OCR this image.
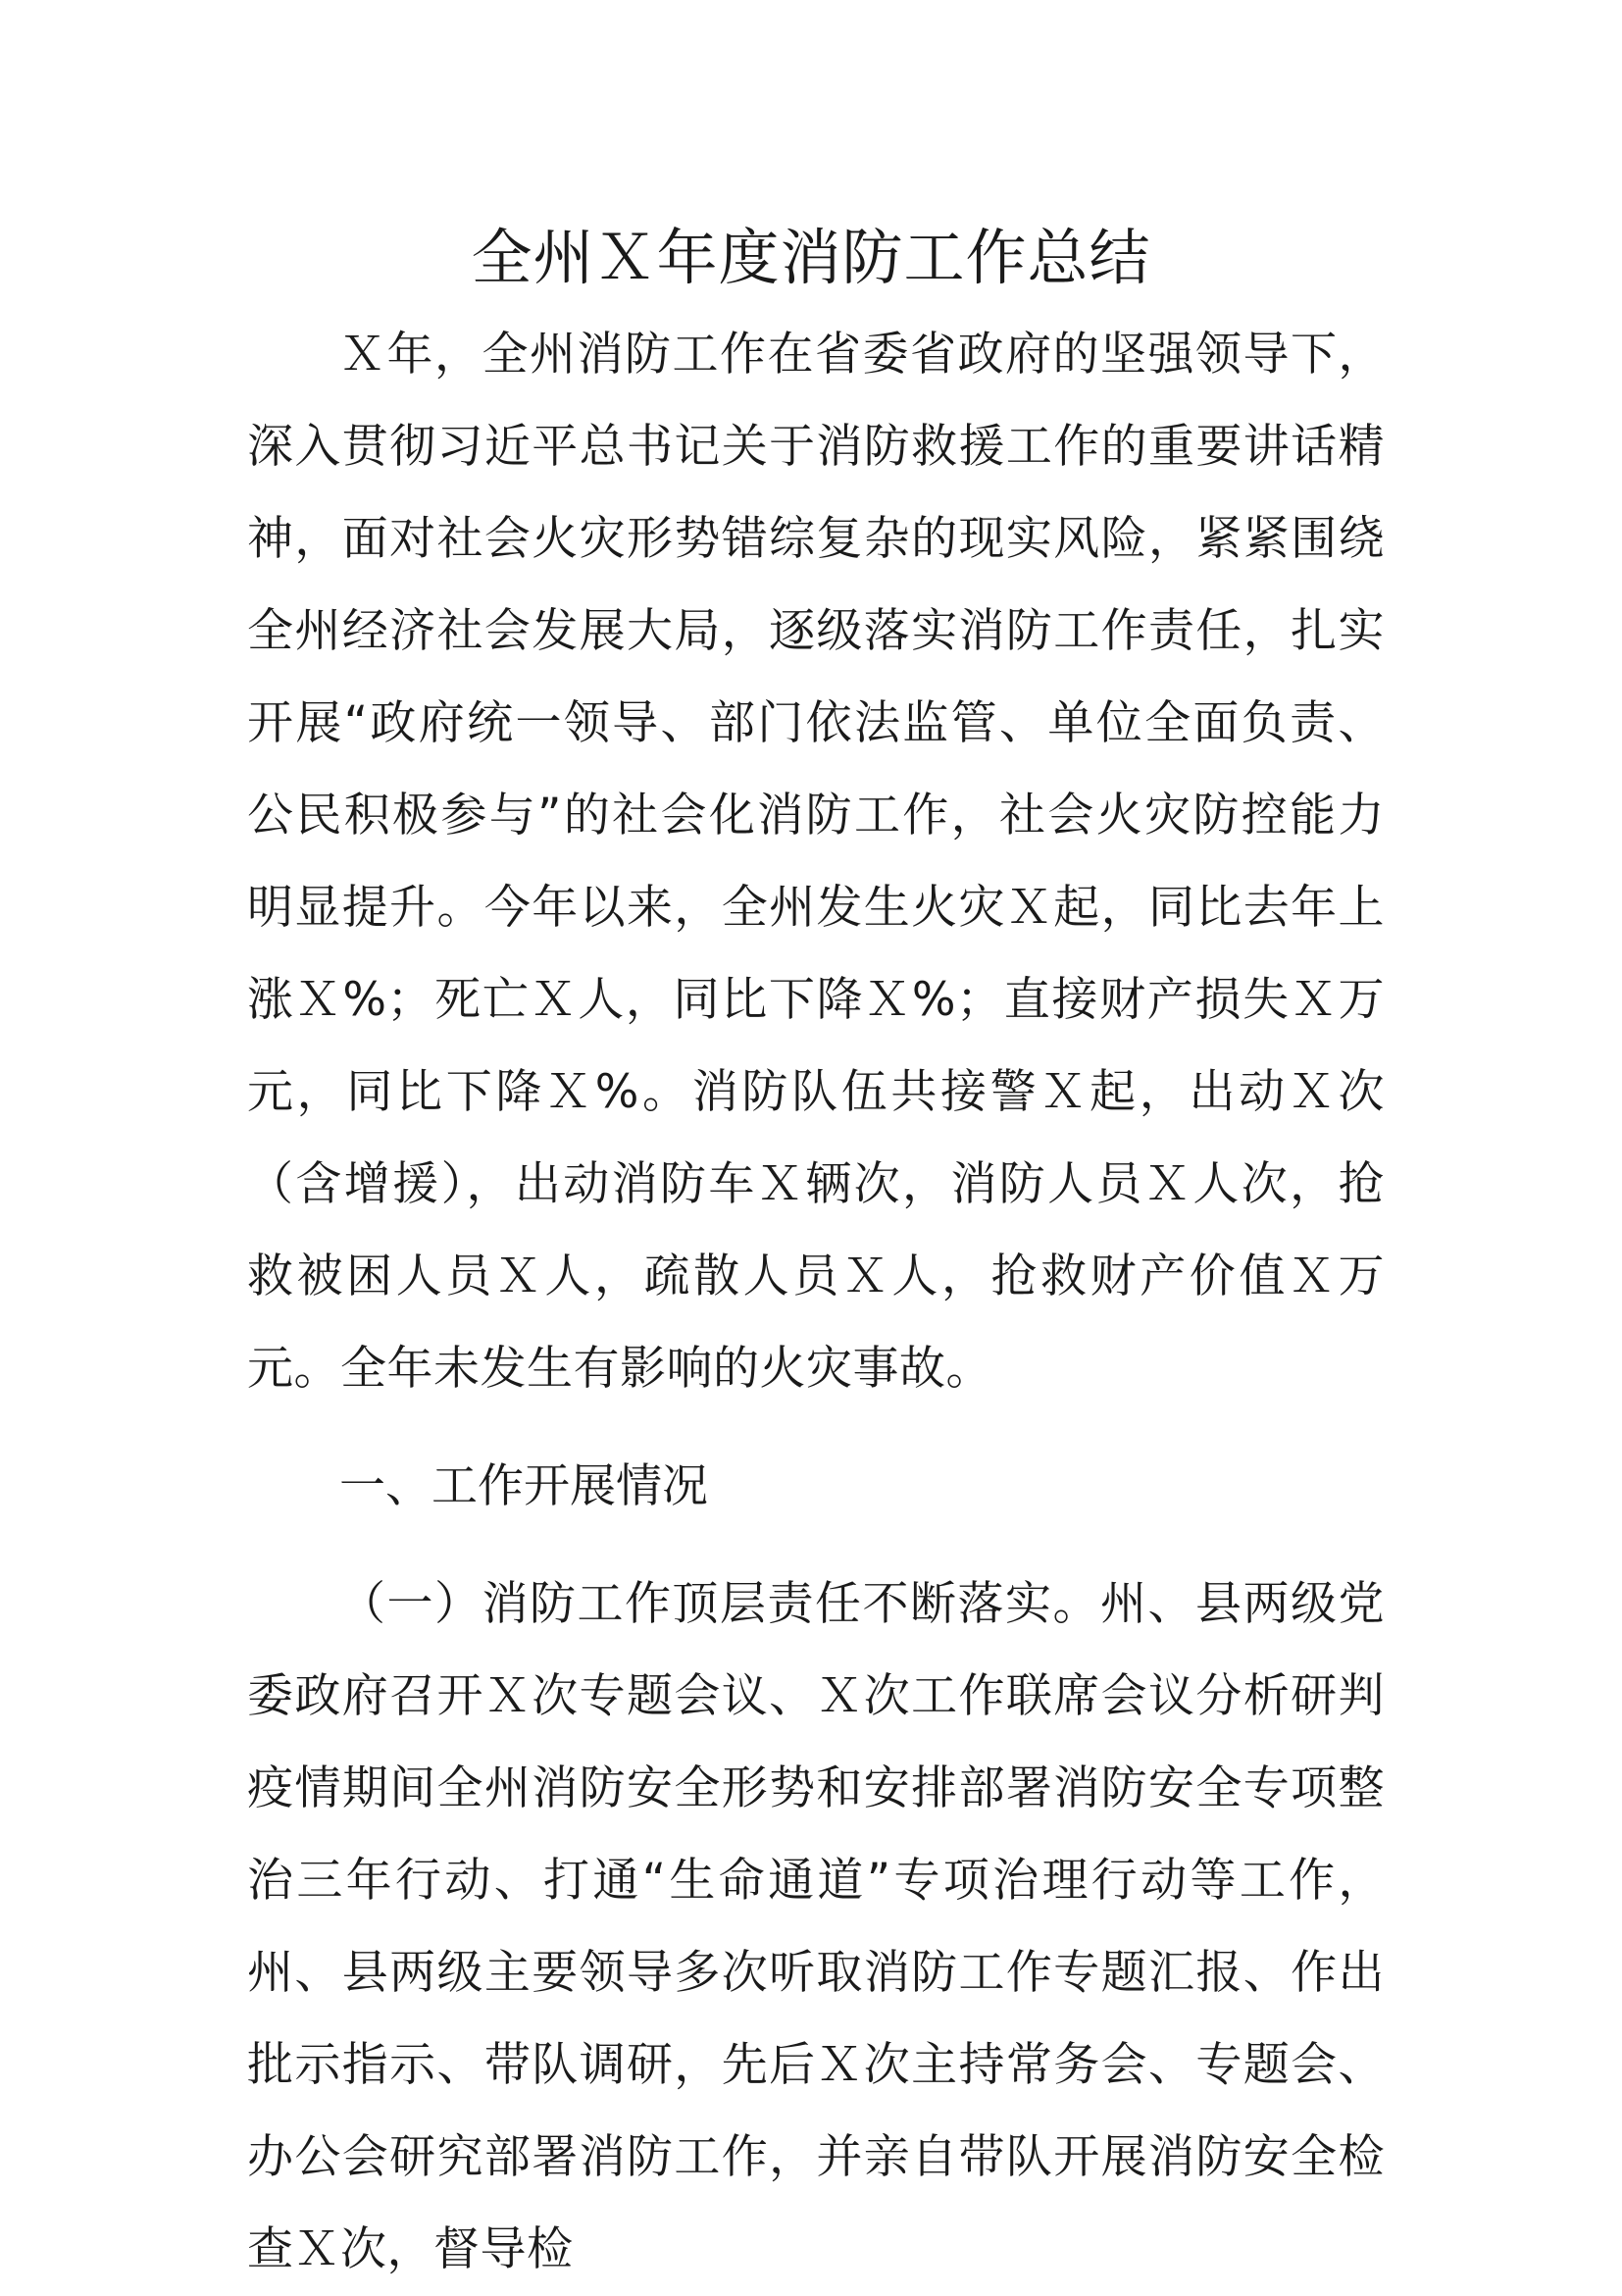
全州Ｘ年度消防工作总结

Ｘ年，全州消防工作在省委省政府的坚强领导下，深入贯彻习近平总书记关于消防救援工作的重要讲话精神，面对社会火灾形势错综复杂的现实风险，紧紧围绕全州经济社会发展大局，逐级落实消防工作责任，扎实开展“政府统一领导、部门依法监管、单位全面负责、公民积极参与”的社会化消防工作，社会火灾防控能力明显提升。今年以来，全州发生火灾Ｘ起，同比去年上涨Ｘ%；死亡Ｘ人，同比下降Ｘ%；直接财产损失Ｘ万元，同比下降Ｘ%。消防队伍共接警Ｘ起，出动Ｘ次（含增援），出动消防车Ｘ辆次，消防人员Ｘ人次，抢救被困人员Ｘ人，疏散人员Ｘ人，抢救财产价值Ｘ万元。全年未发生有影响的火灾事故。

一、工作开展情况

（一）消防工作顶层责任不断落实。州、县两级党委政府召开Ｘ次专题会议、Ｘ次工作联席会议分析研判疫情期间全州消防安全形势和安排部署消防安全专项整治三年行动、打通“生命通道”专项治理行动等工作，州、县两级主要领导多次听取消防工作专题汇报、作出批示指示、带队调研，先后Ｘ次主持常务会、专题会、办公会研究部署消防工作，并亲自带队开展消防安全检查Ｘ次，督导检
